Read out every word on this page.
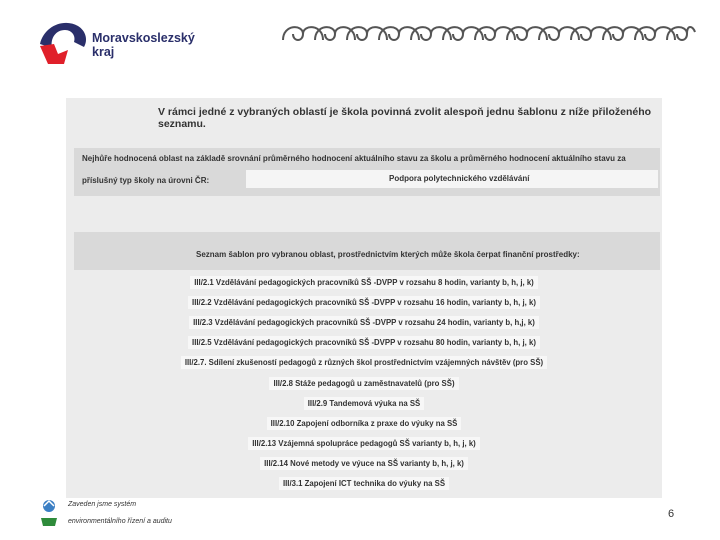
Moravskoslezský
kraj
V rámci jedné z vybraných oblastí je škola povinná zvolit alespoň jednu šablonu z níže přiloženého seznamu.
Nejhůře hodnocená oblast na základě srovnání průměrného hodnocení aktuálního stavu za školu a průměrného hodnocení aktuálního stavu za
Podpora polytechnického vzdělávání
příslušný typ školy na úrovni ČR:
Seznam šablon pro vybranou oblast, prostřednictvím kterých může škola čerpat finanční prostředky:
III/2.1 Vzdělávání pedagogických pracovníků SŠ -DVPP v rozsahu 8 hodin, varianty b, h, j, k)
III/2.2 Vzdělávání pedagogických pracovníků SŠ -DVPP v rozsahu 16 hodin, varianty b, h, j, k)
III/2.3 Vzdělávání pedagogických pracovníků SŠ -DVPP v rozsahu 24 hodin, varianty b, h,j, k)
III/2.5 Vzdělávání pedagogických pracovníků SŠ -DVPP v rozsahu 80 hodin, varianty b, h, j, k)
III/2.7. Sdílení zkušeností pedagogů z různých škol prostřednictvím vzájemných návštěv (pro SŠ)
III/2.8 Stáže pedagogů u zaměstnavatelů (pro SŠ)
III/2.9 Tandemová výuka na SŠ
III/2.10 Zapojení odborníka z praxe do výuky na SŠ
III/2.13 Vzájemná spolupráce pedagogů SŠ varianty b, h, j, k)
III/2.14 Nové metody ve výuce na SŠ varianty b, h, j, k)
III/3.1 Zapojení ICT technika do výuky na SŠ
Zaveden jsme systém
environmentálního řízení a auditu
6
